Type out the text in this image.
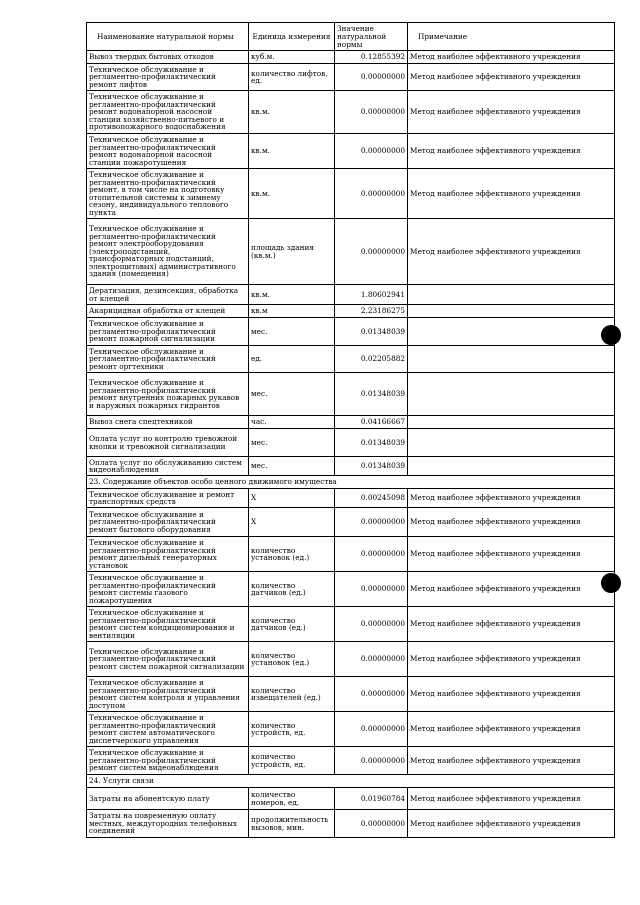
Наименование натуральной нормы	Единица измерения	Значение натуральной нормы	Примечание
Вывоз твердых бытовых отходов	куб.м.	0.12855392	Метод наиболее эффективного учреждения
Техническое обслуживание и регламентно-профилактический ремонт лифтов	количество лифтов, ед.	0.00000000	Метод наиболее эффективного учреждения
Техническое обслуживание и регламентно-профилактический ремонт водонапорной насосной станции хозяйственно-питьевого и противопожарного водоснабжения	кв.м.	0.00000000	Метод наиболее эффективного учреждения
Техническое обслуживание и регламентно-профилактический ремонт водонапорной насосной станции пожаротушения	кв.м.	0.00000000	Метод наиболее эффективного учреждения
Техническое обслуживание и регламентно-профилактический ремонт, в том числе на подготовку отопительной системы к зимнему сезону, индивидуального теплового пункта	кв.м.	0.00000000	Метод наиболее эффективного учреждения
Техническое обслуживание и регламентно-профилактический ремонт электрооборудования (электроподстанций, трансформаторных подстанций, электрощитовых) административного здания (помещения)	площадь здания (кв.м.)	0.00000000	Метод наиболее эффективного учреждения
Дератизация, дезинсекция, обработка от клещей	кв.м.	1.80602941	
Акарицидная обработка от клещей	кв.м	2.23186275	
Техническое обслуживание и регламентно-профилактический ремонт пожарной сигнализации	мес.	0.01348039	
Техническое обслуживание и регламентно-профилактический ремонт оргтехники	ед.	0.02205882	
Техническое обслуживание и регламентно-профилактический ремонт внутренних пожарных рукавов и наружных пожарных гидрантов	мес.	0.01348039	
Вывоз снега спецтехникой	час.	0.04166667	
Оплата услуг по контролю тревожной кнопки и тревожной сигнализации	мес.	0.01348039	
Оплата услуг по обслуживанию систем видеонаблюдения	мес.	0.01348039	
23. Содержание объектов особо ценного движимого имущества			
Техническое обслуживание и ремонт транспортных средств	Х	0.00245098	Метод наиболее эффективного учреждения
Техническое обслуживание и регламентно-профилактический ремонт бытового оборудования	Х	0.00000000	Метод наиболее эффективного учреждения
Техническое обслуживание и регламентно-профилактический ремонт дизельных генераторных установок	количество установок (ед.)	0.00000000	Метод наиболее эффективного учреждения
Техническое обслуживание и регламентно-профилактический ремонт системы газового пожаротушения	количество датчиков (ед.)	0.00000000	Метод наиболее эффективного учреждения
Техническое обслуживание и регламентно-профилактический ремонт систем кондиционирования и вентиляции	количество датчиков (ед.)	0.00000000	Метод наиболее эффективного учреждения
Техническое обслуживание и регламентно-профилактический ремонт систем пожарной сигнализации	количество установок (ед.)	0.00000000	Метод наиболее эффективного учреждения
Техническое обслуживание и регламентно-профилактический ремонт систем контроля и управления доступом	количество извещателей (ед.)	0.00000000	Метод наиболее эффективного учреждения
Техническое обслуживание и регламентно-профилактический ремонт систем автоматического диспетчерского управления	количество устройств, ед.	0.00000000	Метод наиболее эффективного учреждения
Техническое обслуживание и регламентно-профилактический ремонт систем видеонаблюдения	количество устройств, ед.	0.00000000	Метод наиболее эффективного учреждения
24. Услуги связи			
Затраты на абонентскую плату	количество номеров, ед.	0.01960784	Метод наиболее эффективного учреждения
Затраты на повременную оплату местных, междугородних телефонных соединений	продолжительность вызовов, мин.	0.00000000	Метод наиболее эффективного учреждения
